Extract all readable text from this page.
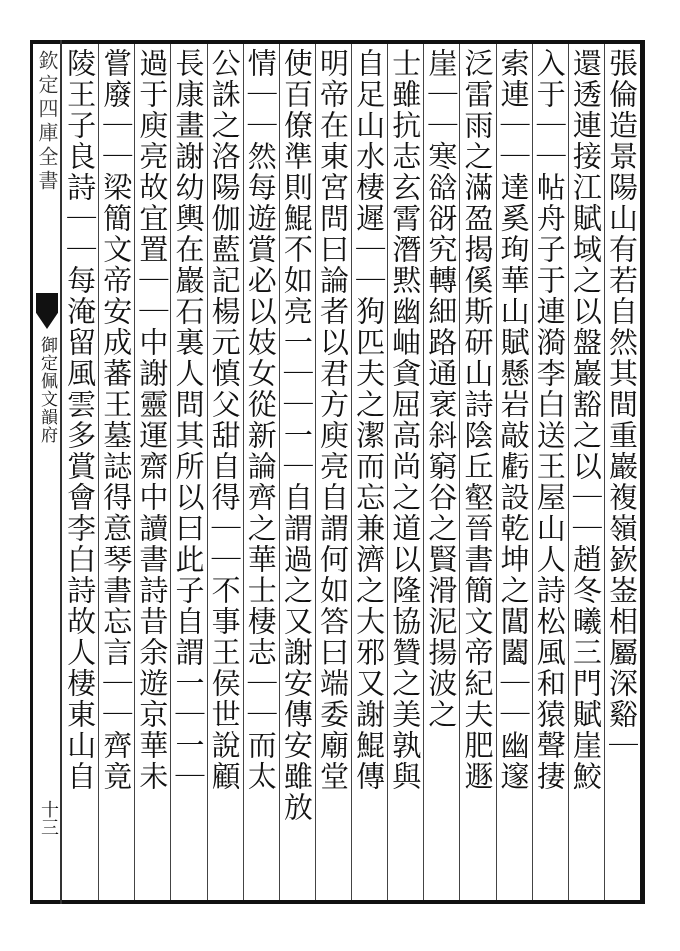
欽定四庫全書
御定佩文韻府
十三
張倫造景陽山有若自然其間重巖複嶺嶔崟相屬深谿｜
還透連接江賦域之以盤巖豁之以｜｜趙冬曦三門賦崖鮫
入于｜｜帖舟子于連漪李白送王屋山人詩松風和猿聲捿
索連｜｜達奚珣華山賦懸岩敲虧設乾坤之閶闔｜｜幽邃
泛雷雨之滿盈揭傒斯研山詩陰丘壑晉書簡文帝紀夫肥遯
崖｜｜寒谽谺究轉細路通衺斜窮谷之賢滑泥揚波之
士雖抗志玄霄潛黙幽岫貪屈高尚之道以隆協贊之美孰與
自足山水棲遲｜｜狗匹夫之潔而忘兼濟之大邪又謝鯤傳
明帝在東宮問曰論者以君方庾亮自謂何如答曰端委廟堂
使百僚準則鯤不如亮一｜｜一｜自謂過之又謝安傳安雖放
情｜｜然每遊賞必以妓女從新論齊之華士棲志｜｜而太
公誅之洛陽伽藍記楊元慎父甜自得｜｜不事王侯世說顧
長康畫謝幼輿在巖石裏人問其所以曰此子自謂一｜一｜
過于庾亮故宜置｜｜中謝靈運齋中讀書詩昔余遊京華未
嘗廢｜｜梁簡文帝安成蕃王墓誌得意琴書忘言｜｜齊竟
陵王子良詩｜｜每淹留風雲多賞會李白詩故人棲東山自
